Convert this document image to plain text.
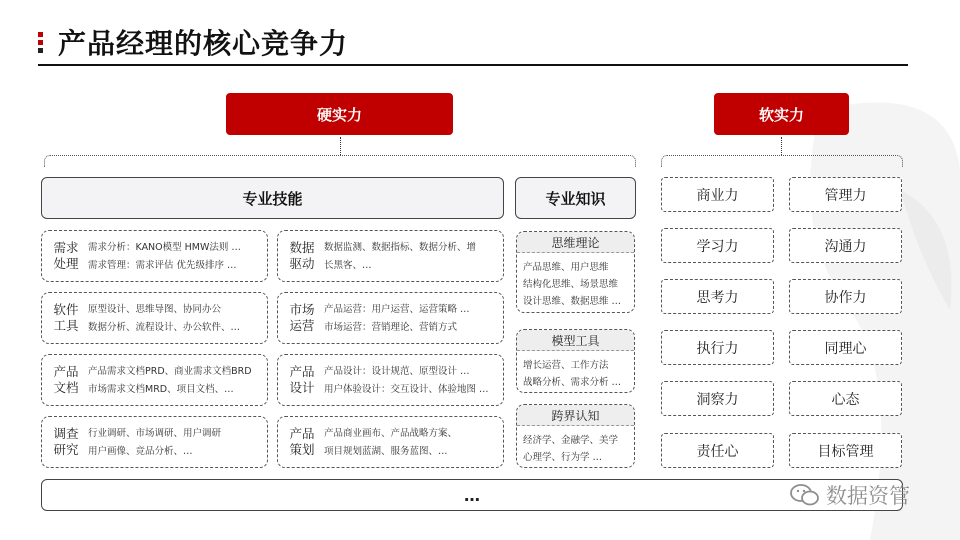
产品经理的核心竞争力
硬实力	软实力
专业技能	专业知识
需求处理
需求分析：KANO模型 HMW法则 …
需求管理：需求评估 优先级排序 …
软件工具
原型设计、思维导图、协同办公
数据分析、流程设计、办公软件、…
产品文档
产品需求文档PRD、商业需求文档BRD
市场需求文档MRD、项目文档、…
调查研究
行业调研、市场调研、用户调研
用户画像、竞品分析、…
数据驱动
数据监测、数据指标、数据分析、增
长黑客、…
市场运营
产品运营：用户运营、运营策略 …
市场运营：营销理论、营销方式
产品设计
产品设计：设计规范、原型设计 …
用户体验设计：交互设计、体验地图 …
产品策划
产品商业画布、产品战略方案、
项目规划蓝湖、服务蓝图、…
思维理论
产品思维、用户思维
结构化思维、场景思维
设计思维、数据思维 …
模型工具
增长运营、工作方法
战略分析、需求分析 …
跨界认知
经济学、金融学、美学
心理学、行为学 …
商业力	管理力
学习力	沟通力
思考力	协作力
执行力	同理心
洞察力	心态
责任心	目标管理
…	数据资管
